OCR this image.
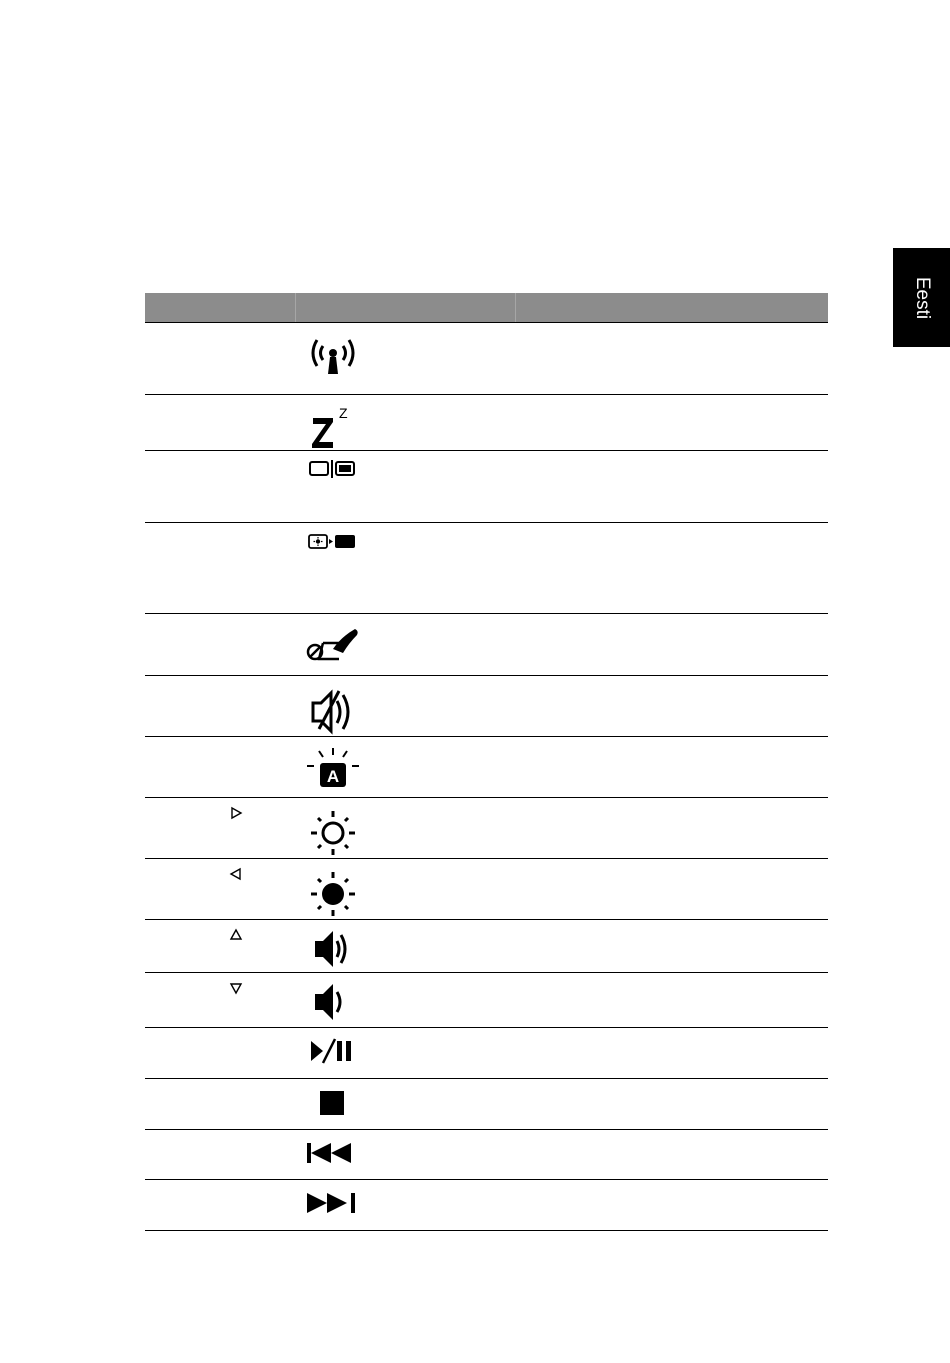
Eesti
Z
A
